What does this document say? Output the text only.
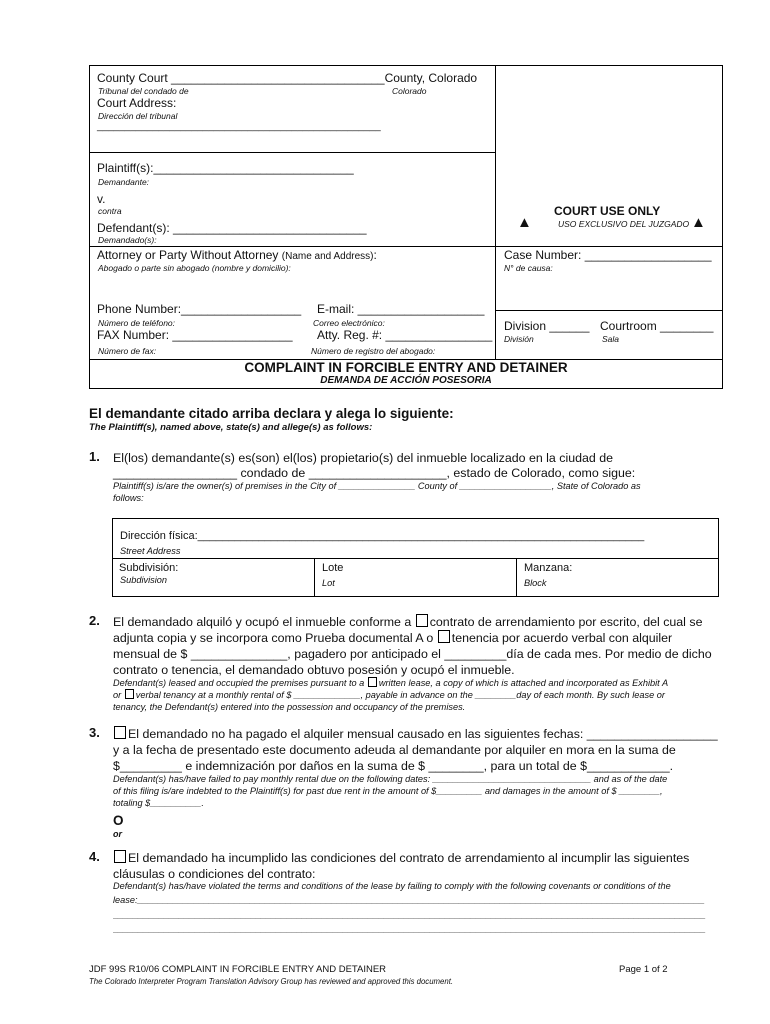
County Court ________________________________County, Colorado
Tribunal del condado de	Colorado
Court Address:
Dirección del tribunal
___________________________________________________
Plaintiff(s):______________________________
Demandante:
v.
contra
Defendant(s): _____________________________
Demandado(s):
COURT USE ONLY
▲	USO EXCLUSIVO DEL JUZGADO ▲
Attorney or Party Without Attorney (Name and Address):
Abogado o parte sin abogado (nombre y domicilio):
Case Number: ___________________
N° de causa:
Phone Number:__________________
Número de teléfono:
E-mail: ___________________
Correo electrónico:
FAX Number: __________________
Número de fax:
Atty. Reg. #: ________________
Número de registro del abogado:
Division ______
División
Courtroom ________
Sala
COMPLAINT IN FORCIBLE ENTRY AND DETAINER
DEMANDA DE ACCIÓN POSESORIA
El demandante citado arriba declara y alega lo siguiente:
The Plaintiff(s), named above, state(s) and allege(s) as follows:
1. El(los) demandante(s) es(son) el(los) propietario(s) del inmueble localizado en la ciudad de
__________________ condado de ____________________, estado de Colorado, como sigue:
Plaintiff(s) is/are the owner(s) of premises in the City of _______________ County of __________________, State of Colorado as
follows:
Dirección física:_________________________________________________________________________
Street Address
Subdivisión:
Subdivision
Lote
Lot
Manzana:
Block
2. El demandado alquiló y ocupó el inmueble conforme a contrato de arrendamiento por escrito, del cual se
adjunta copia y se incorpora como Prueba documental A o tenencia por acuerdo verbal con alquiler
mensual de $ ______________, pagadero por anticipado el _________día de cada mes. Por medio de dicho
contrato o tenencia, el demandado obtuvo posesión y ocupó el inmueble.
Defendant(s) leased and occupied the premises pursuant to a written lease, a copy of which is attached and incorporated as Exhibit A
or verbal tenancy at a monthly rental of $ _____________, payable in advance on the ________day of each month. By such lease or
tenancy, the Defendant(s) entered into the possession and occupancy of the premises.
3.	El demandado no ha pagado el alquiler mensual causado en las siguientes fechas: ___________________
y a la fecha de presentado este documento adeuda al demandante por alquiler en mora en la suma de
$_________ e indemnización por daños en la suma de $ ________, para un total de $____________.
Defendant(s) has/have failed to pay monthly rental due on the following dates: _______________________________ and as of the date
of this filing is/are indebted to the Plaintiff(s) for past due rent in the amount of $_________ and damages in the amount of $ ________,
totaling $__________.
O
or
4.	El demandado ha incumplido las condiciones del contrato de arrendamiento al incumplir las siguientes
cláusulas o condiciones del contrato:
Defendant(s) has/have violated the terms and conditions of the lease by failing to comply with the following covenants or conditions of the
lease:_______________________________________________________________________________________________________________
____________________________________________________________________________________________________________________
____________________________________________________________________________________________________________________
JDF 99S R10/06 COMPLAINT IN FORCIBLE ENTRY AND DETAINER	Page 1 of 2
The Colorado Interpreter Program Translation Advisory Group has reviewed and approved this document.
